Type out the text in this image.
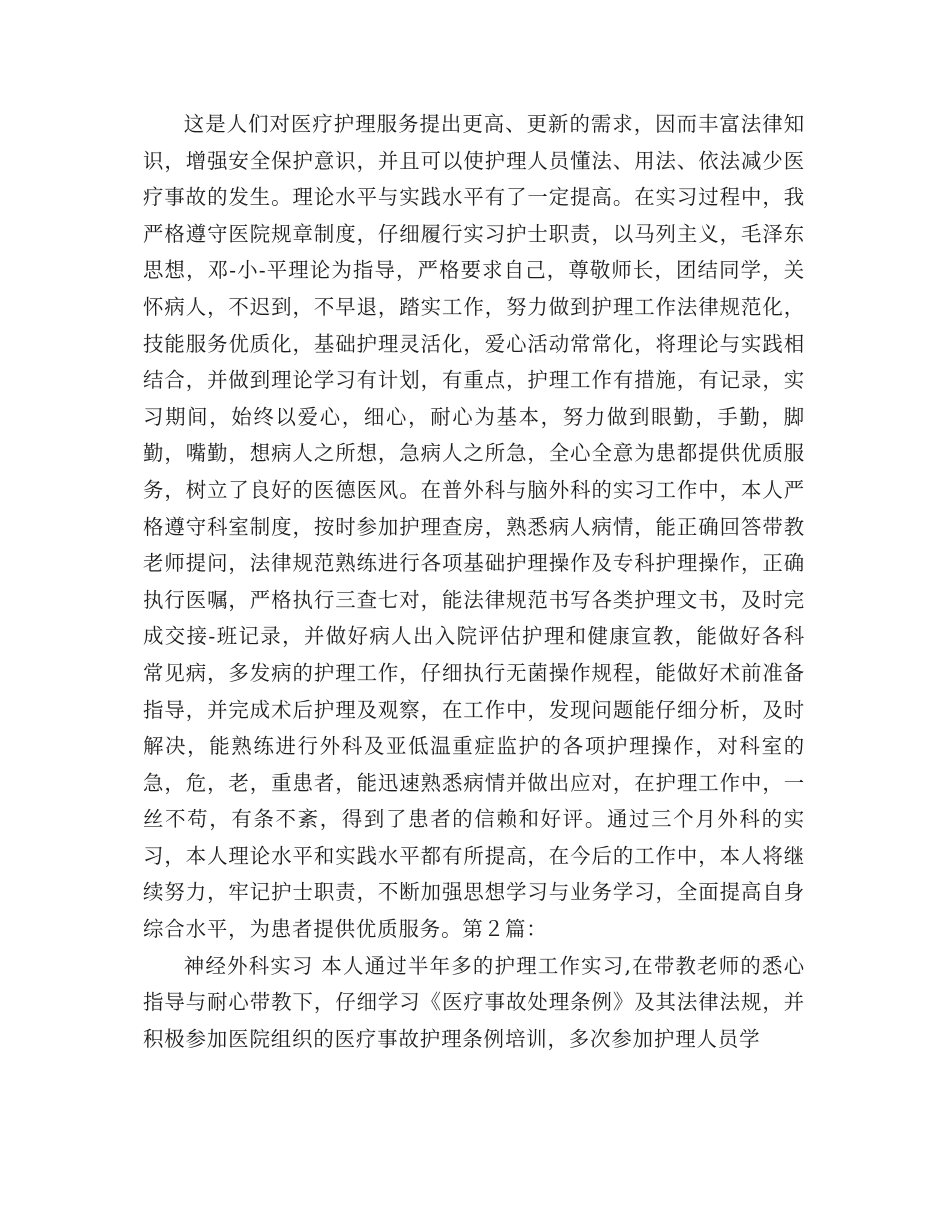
这是人们对医疗护理服务提出更高、更新的需求，因而丰富法律知识，增强安全保护意识，并且可以使护理人员懂法、用法、依法减少医疗事故的发生。理论水平与实践水平有了一定提高。在实习过程中，我严格遵守医院规章制度，仔细履行实习护士职责，以马列主义，毛泽东思想，邓-小-平理论为指导，严格要求自己，尊敬师长，团结同学，关怀病人，不迟到，不早退，踏实工作，努力做到护理工作法律规范化，技能服务优质化，基础护理灵活化，爱心活动常常化，将理论与实践相结合，并做到理论学习有计划，有重点，护理工作有措施，有记录，实习期间，始终以爱心，细心，耐心为基本，努力做到眼勤，手勤，脚勤，嘴勤，想病人之所想，急病人之所急，全心全意为患都提供优质服务，树立了良好的医德医风。在普外科与脑外科的实习工作中，本人严格遵守科室制度，按时参加护理查房，熟悉病人病情，能正确回答带教老师提问，法律规范熟练进行各项基础护理操作及专科护理操作，正确执行医嘱，严格执行三查七对，能法律规范书写各类护理文书，及时完成交接-班记录，并做好病人出入院评估护理和健康宣教，能做好各科常见病，多发病的护理工作，仔细执行无菌操作规程，能做好术前准备指导，并完成术后护理及观察，在工作中，发现问题能仔细分析，及时解决，能熟练进行外科及亚低温重症监护的各项护理操作，对科室的急，危，老，重患者，能迅速熟悉病情并做出应对，在护理工作中，一丝不苟，有条不紊，得到了患者的信赖和好评。通过三个月外科的实习，本人理论水平和实践水平都有所提高，在今后的工作中，本人将继续努力，牢记护士职责，不断加强思想学习与业务学习，全面提高自身综合水平，为患者提供优质服务。第２篇：

神经外科实习 本人通过半年多的护理工作实习,在带教老师的悉心指导与耐心带教下，仔细学习《医疗事故处理条例》及其法律法规，并积极参加医院组织的医疗事故护理条例培训，多次参加护理人员学
